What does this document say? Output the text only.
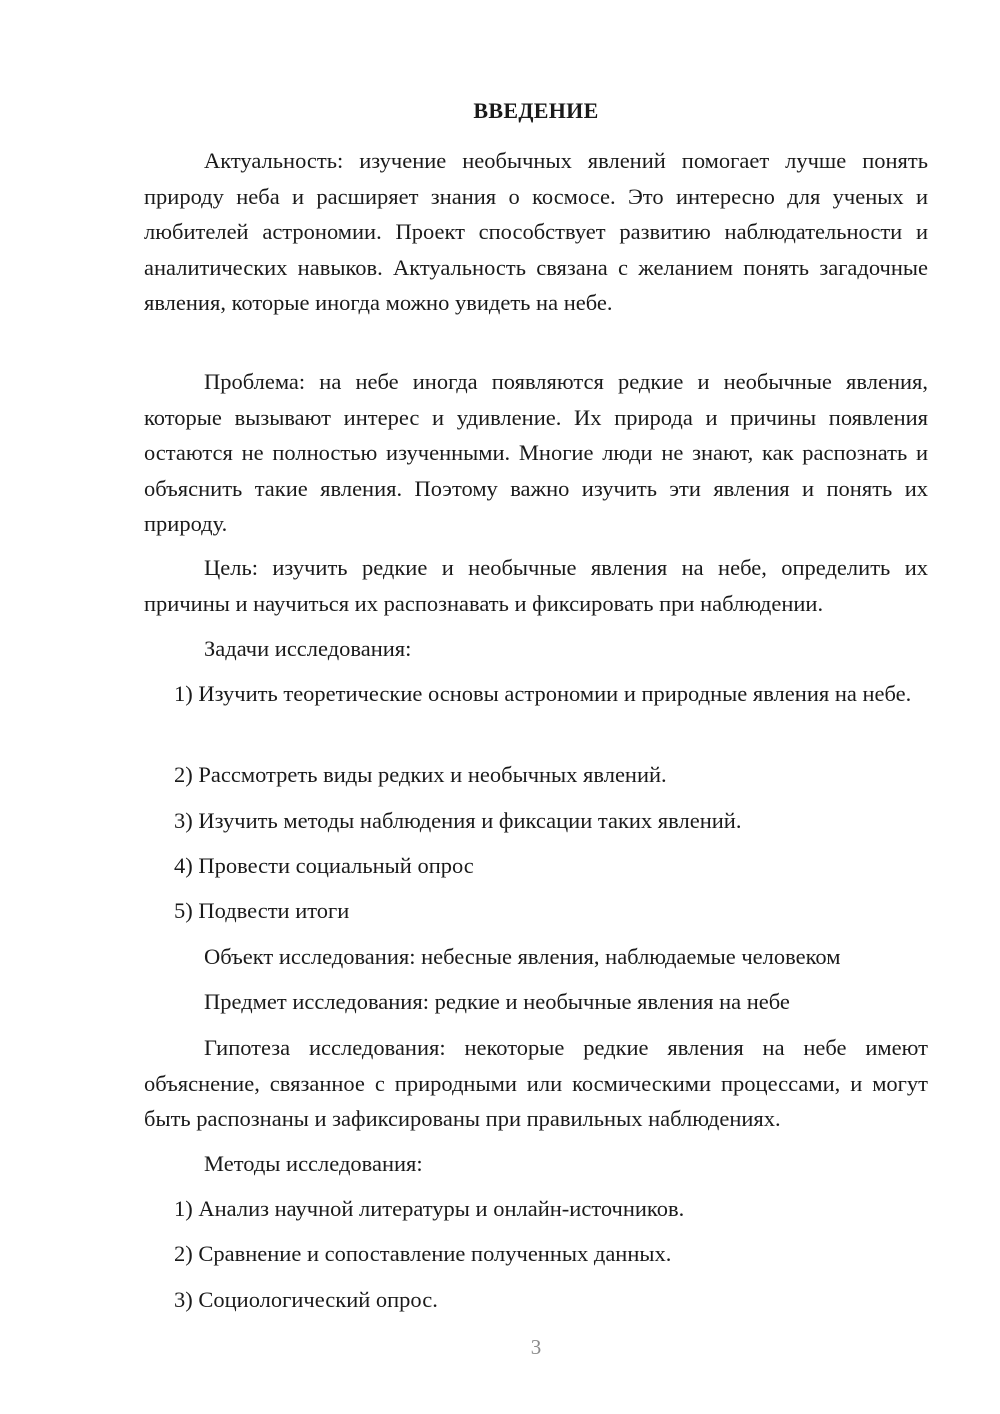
ВВЕДЕНИЕ
Актуальность: изучение необычных явлений помогает лучше понять природу неба и расширяет знания о космосе. Это интересно для ученых и любителей астрономии. Проект способствует развитию наблюдательности и аналитических навыков. Актуальность связана с желанием понять загадочные явления, которые иногда можно увидеть на небе.
Проблема: на небе иногда появляются редкие и необычные явления, которые вызывают интерес и удивление. Их природа и причины появления остаются не полностью изученными. Многие люди не знают, как распознать и объяснить такие явления. Поэтому важно изучить эти явления и понять их природу.
Цель: изучить редкие и необычные явления на небе, определить их причины и научиться их распознавать и фиксировать при наблюдении.
Задачи исследования:
1) Изучить теоретические основы астрономии и природные явления на небе.
2) Рассмотреть виды редких и необычных явлений.
3) Изучить методы наблюдения и фиксации таких явлений.
4) Провести социальный опрос
5) Подвести итоги
Объект исследования: небесные явления, наблюдаемые человеком
Предмет исследования: редкие и необычные явления на небе
Гипотеза исследования: некоторые редкие явления на небе имеют объяснение, связанное с природными или космическими процессами, и могут быть распознаны и зафиксированы при правильных наблюдениях.
Методы исследования:
1) Анализ научной литературы и онлайн-источников.
2) Сравнение и сопоставление полученных данных.
3) Социологический опрос.
3
